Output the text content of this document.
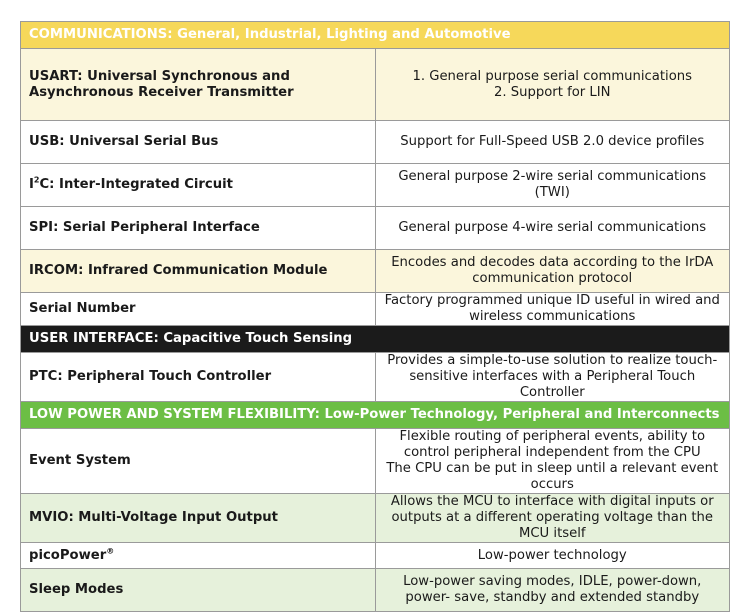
COMMUNICATIONS: General, Industrial, Lighting and Automotive	
USART: Universal Synchronous and Asynchronous Receiver Transmitter	1. General purpose serial communications
2. Support for LIN

USB: Universal Serial Bus	Support for Full-Speed USB 2.0 device profiles
$I^2C$: Inter-Integrated Circuit	General purpose 2-wire serial communications (TWI)
SPI: Serial Peripheral Interface	General purpose 4-wire serial communications
IRCOM: Infrared Communication Module	Encodes and decodes data according to the IrDA communication protocol
Serial Number	Factory programmed unique ID useful in wired and wireless communications
USER INTERFACE: Capacitive Touch Sensing	
PTC: Peripheral Touch Controller	Provides a simple-to-use solution to realize touch-sensitive interfaces with a Peripheral Touch Controller
LOW POWER AND SYSTEM FLEXIBILITY: Low-Power Technology, Peripheral and Interconnects	
Event System	Flexible routing of peripheral events, ability to control peripheral independent from the CPU
The CPU can be put in sleep until a relevant event occurs

MVIO: Multi-Voltage Input Output	Allows the MCU to interface with digital inputs or outputs at a different operating voltage than the MCU itself
picoPower®	Low-power technology
Sleep Modes	Low-power saving modes, IDLE, power-down, power- save, standby and extended standby
